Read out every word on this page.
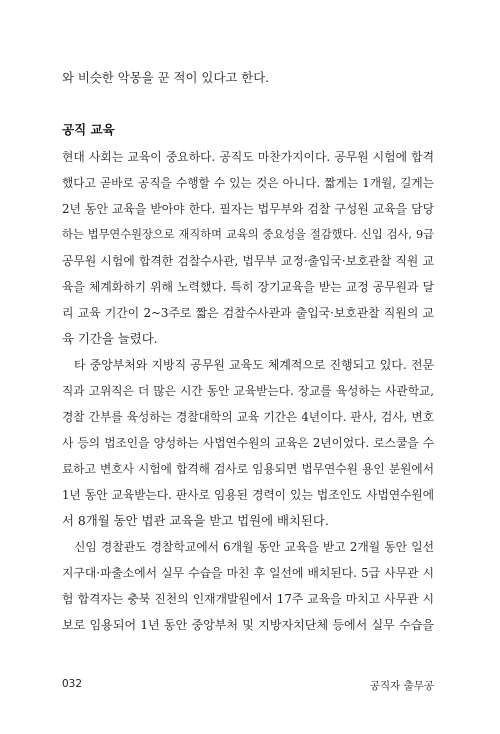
와 비슷한 악몽을 꾼 적이 있다고 한다.
공직 교육
현대 사회는 교육이 중요하다. 공직도 마찬가지이다. 공무원 시험에 합격
했다고 곧바로 공직을 수행할 수 있는 것은 아니다. 짧게는 1개월, 길게는
2년 동안 교육을 받아야 한다. 필자는 법무부와 검찰 구성원 교육을 담당
하는 법무연수원장으로 재직하며 교육의 중요성을 절감했다. 신입 검사, 9급
공무원 시험에 합격한 검찰수사관, 법무부 교정·출입국·보호관찰 직원 교
육을 체계화하기 위해 노력했다. 특히 장기교육을 받는 교정 공무원과 달
리 교육 기간이 2~3주로 짧은 검찰수사관과 출입국·보호관찰 직원의 교
육 기간을 늘렸다.
타 중앙부처와 지방직 공무원 교육도 체계적으로 진행되고 있다. 전문
직과 고위직은 더 많은 시간 동안 교육받는다. 장교를 육성하는 사관학교,
경찰 간부를 육성하는 경찰대학의 교육 기간은 4년이다. 판사, 검사, 변호
사 등의 법조인을 양성하는 사법연수원의 교육은 2년이었다. 로스쿨을 수
료하고 변호사 시험에 합격해 검사로 임용되면 법무연수원 용인 분원에서
1년 동안 교육받는다. 판사로 임용된 경력이 있는 법조인도 사법연수원에
서 8개월 동안 법관 교육을 받고 법원에 배치된다.
신임 경찰관도 경찰학교에서 6개월 동안 교육을 받고 2개월 동안 일선
지구대·파출소에서 실무 수습을 마친 후 일선에 배치된다. 5급 사무관 시
험 합격자는 충북 진천의 인재개발원에서 17주 교육을 마치고 사무관 시
보로 임용되어 1년 동안 중앙부처 및 지방자치단체 등에서 실무 수습을
032	공직자 출무공
